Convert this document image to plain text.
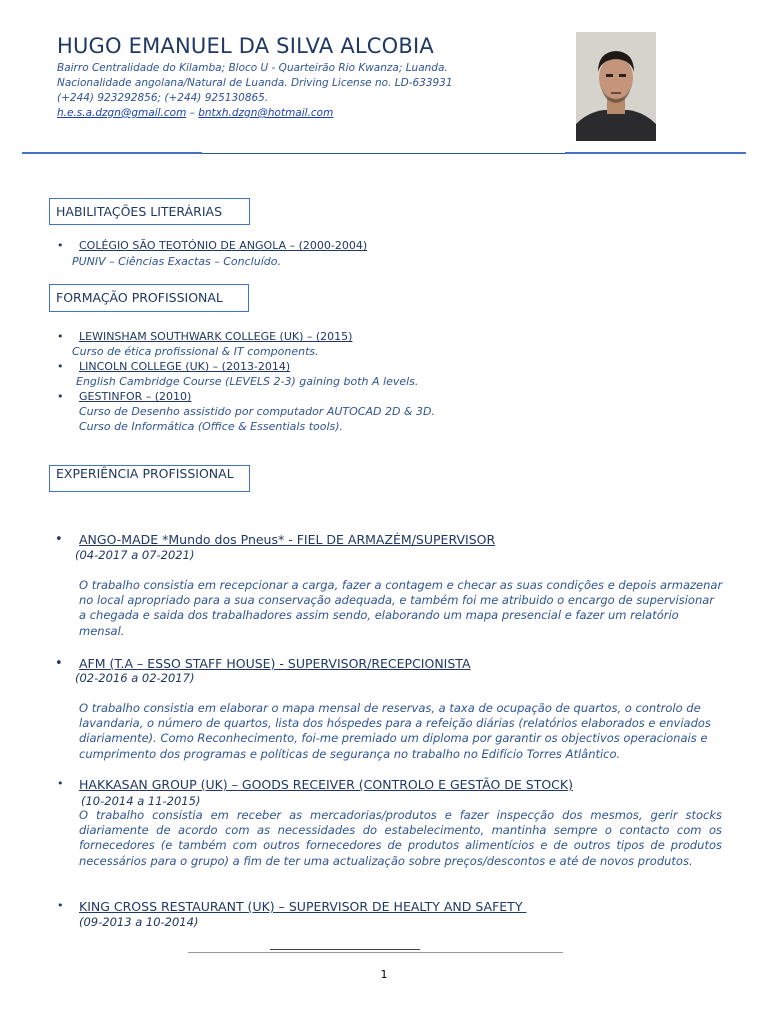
HUGO EMANUEL DA SILVA ALCOBIA
Bairro Centralidade do Kilamba; Bloco U - Quarteirão Rio Kwanza; Luanda.
Nacionalidade angolana/Natural de Luanda. Driving License no. LD-633931
(+244) 923292856; (+244) 925130865.
h.e.s.a.dzgn@gmail.com – bntxh.dzgn@hotmail.com
HABILITAÇÕES LITERÁRIAS
• COLÉGIO SÃO TEOTÓNIO DE ANGOLA – (2000-2004)
PUNIV – Ciências Exactas – Concluído.
FORMAÇÃO PROFISSIONAL
• LEWINSHAM SOUTHWARK COLLEGE (UK) – (2015)
Curso de ética profissional & IT components.
• LINCOLN COLLEGE (UK) – (2013-2014)
English Cambridge Course (LEVELS 2-3) gaining both A levels.
• GESTINFOR – (2010)
Curso de Desenho assistido por computador AUTOCAD 2D & 3D.
Curso de Informática (Office & Essentials tools).
EXPERIÊNCIA PROFISSIONAL
• ANGO-MADE *Mundo dos Pneus* - FIEL DE ARMAZÉM/SUPERVISOR
(04-2017 a 07-2021)
O trabalho consistia em recepcionar a carga, fazer a contagem e checar as suas condições e depois armazenar no local apropriado para a sua conservação adequada, e também foi me atribuido o encargo de supervisionar a chegada e saida dos trabalhadores assim sendo, elaborando um mapa presencial e fazer um relatório mensal.
• AFM (T.A – ESSO STAFF HOUSE) - SUPERVISOR/RECEPCIONISTA
(02-2016 a 02-2017)
O trabalho consistia em elaborar o mapa mensal de reservas, a taxa de ocupação de quartos, o controlo de lavandaria, o número de quartos, lista dos hóspedes para a refeição diárias (relatórios elaborados e enviados diariamente). Como Reconhecimento, foi-me premiado um diploma por garantir os objectivos operacionais e cumprimento dos programas e políticas de segurança no trabalho no Edifício Torres Atlântico.
• HAKKASAN GROUP (UK) – GOODS RECEIVER (CONTROLO E GESTÃO DE STOCK)
(10-2014 a 11-2015)
O trabalho consistia em receber as mercadorias/produtos e fazer inspecção dos mesmos, gerir stocks diariamente de acordo com as necessidades do estabelecimento, mantinha sempre o contacto com os fornecedores (e também com outros fornecedores de produtos alimentícios e de outros tipos de produtos necessários para o grupo) a fim de ter uma actualização sobre preços/descontos e até de novos produtos.
• KING CROSS RESTAURANT (UK) – SUPERVISOR DE HEALTY AND SAFETY
(09-2013 a 10-2014)
1
